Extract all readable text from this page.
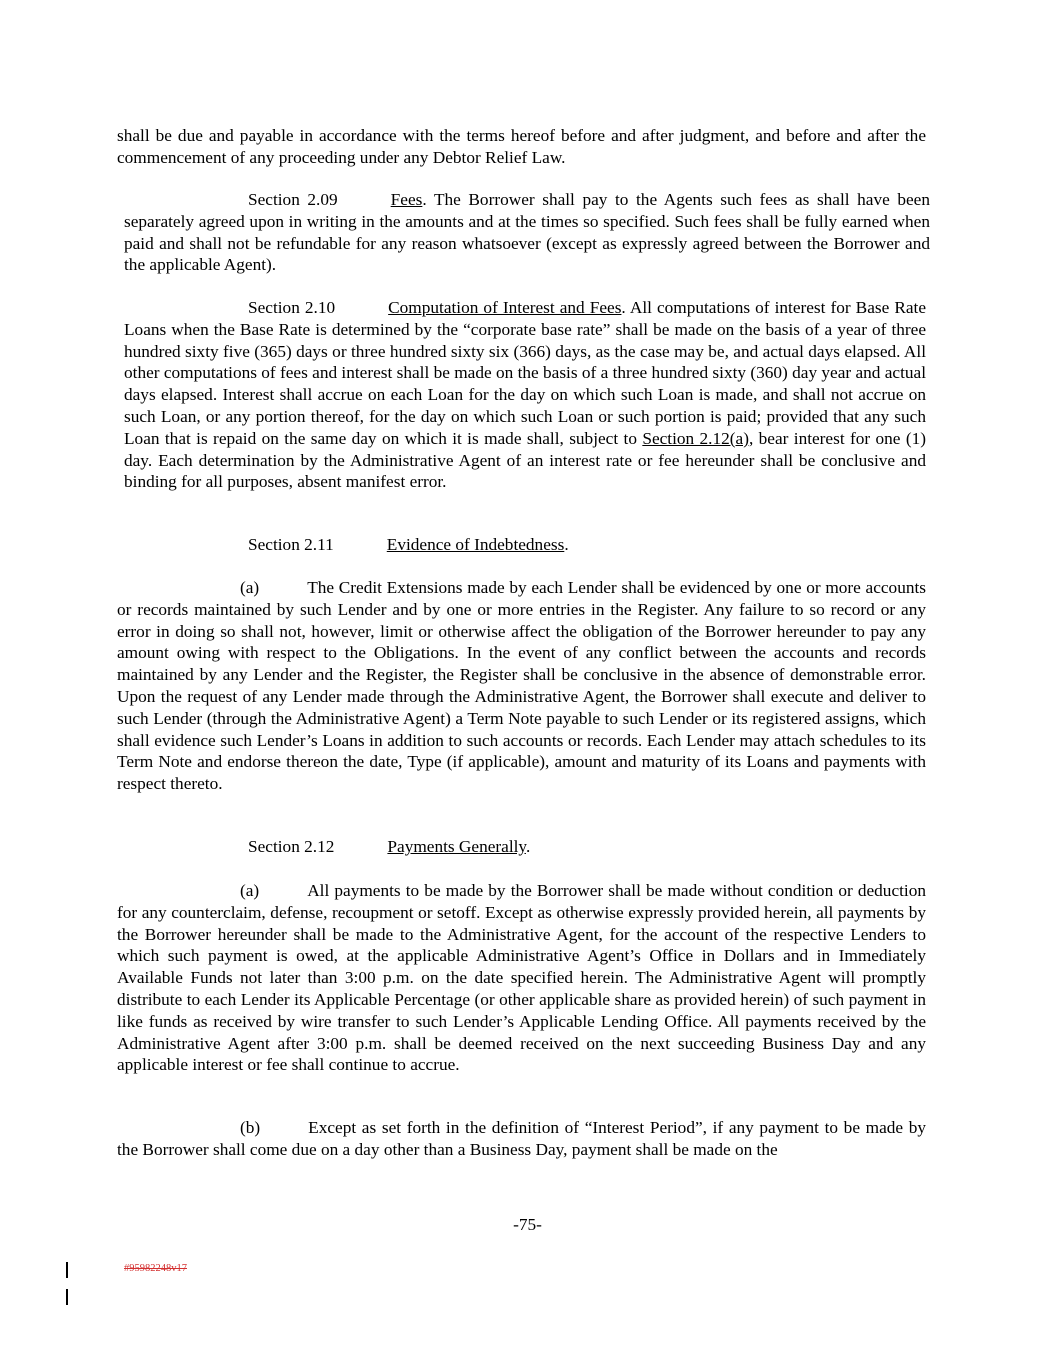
shall be due and payable in accordance with the terms hereof before and after judgment, and before and after the commencement of any proceeding under any Debtor Relief Law.
Section 2.09	Fees. The Borrower shall pay to the Agents such fees as shall have been separately agreed upon in writing in the amounts and at the times so specified. Such fees shall be fully earned when paid and shall not be refundable for any reason whatsoever (except as expressly agreed between the Borrower and the applicable Agent).
Section 2.10	Computation of Interest and Fees. All computations of interest for Base Rate Loans when the Base Rate is determined by the “corporate base rate” shall be made on the basis of a year of three hundred sixty five (365) days or three hundred sixty six (366) days, as the case may be, and actual days elapsed. All other computations of fees and interest shall be made on the basis of a three hundred sixty (360) day year and actual days elapsed. Interest shall accrue on each Loan for the day on which such Loan is made, and shall not accrue on such Loan, or any portion thereof, for the day on which such Loan or such portion is paid; provided that any such Loan that is repaid on the same day on which it is made shall, subject to Section 2.12(a), bear interest for one (1) day. Each determination by the Administrative Agent of an interest rate or fee hereunder shall be conclusive and binding for all purposes, absent manifest error.
Section 2.11	Evidence of Indebtedness.
(a)	The Credit Extensions made by each Lender shall be evidenced by one or more accounts or records maintained by such Lender and by one or more entries in the Register. Any failure to so record or any error in doing so shall not, however, limit or otherwise affect the obligation of the Borrower hereunder to pay any amount owing with respect to the Obligations. In the event of any conflict between the accounts and records maintained by any Lender and the Register, the Register shall be conclusive in the absence of demonstrable error. Upon the request of any Lender made through the Administrative Agent, the Borrower shall execute and deliver to such Lender (through the Administrative Agent) a Term Note payable to such Lender or its registered assigns, which shall evidence such Lender’s Loans in addition to such accounts or records. Each Lender may attach schedules to its Term Note and endorse thereon the date, Type (if applicable), amount and maturity of its Loans and payments with respect thereto.
Section 2.12	Payments Generally.
(a)	All payments to be made by the Borrower shall be made without condition or deduction for any counterclaim, defense, recoupment or setoff. Except as otherwise expressly provided herein, all payments by the Borrower hereunder shall be made to the Administrative Agent, for the account of the respective Lenders to which such payment is owed, at the applicable Administrative Agent’s Office in Dollars and in Immediately Available Funds not later than 3:00 p.m. on the date specified herein. The Administrative Agent will promptly distribute to each Lender its Applicable Percentage (or other applicable share as provided herein) of such payment in like funds as received by wire transfer to such Lender’s Applicable Lending Office. All payments received by the Administrative Agent after 3:00 p.m. shall be deemed received on the next succeeding Business Day and any applicable interest or fee shall continue to accrue.
(b)	Except as set forth in the definition of “Interest Period”, if any payment to be made by the Borrower shall come due on a day other than a Business Day, payment shall be made on the
-75-
#95982248v17
